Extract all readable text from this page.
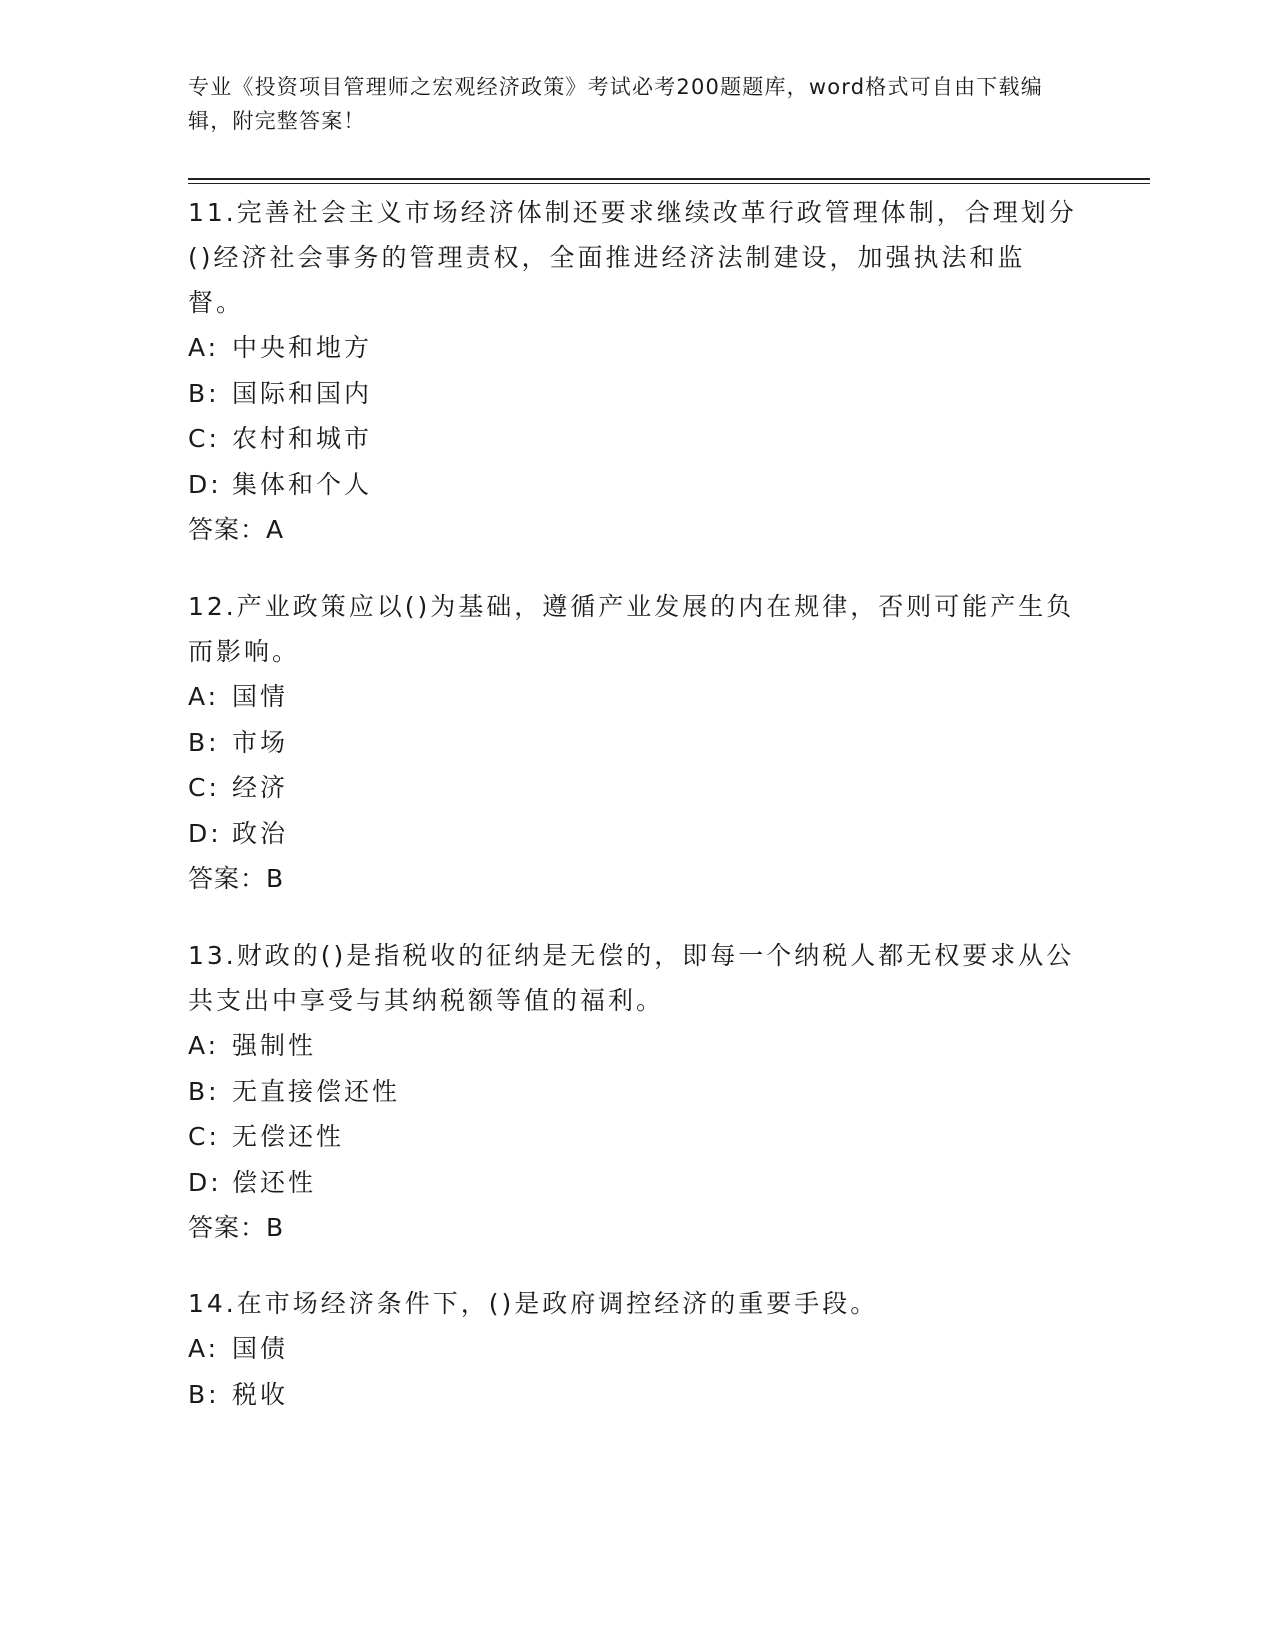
专业《投资项目管理师之宏观经济政策》考试必考200题题库，word格式可自由下载编辑，附完整答案！

11.完善社会主义市场经济体制还要求继续改革行政管理体制，合理划分()经济社会事务的管理责权，全面推进经济法制建设，加强执法和监督。

A: 中央和地方

B: 国际和国内

C: 农村和城市

D: 集体和个人

答案：A

12.产业政策应以()为基础，遵循产业发展的内在规律，否则可能产生负而影响。

A: 国情

B: 市场

C: 经济

D: 政治

答案：B

13.财政的()是指税收的征纳是无偿的，即每一个纳税人都无权要求从公共支出中享受与其纳税额等值的福利。

A: 强制性

B: 无直接偿还性

C: 无偿还性

D: 偿还性

答案：B

14.在市场经济条件下，()是政府调控经济的重要手段。

A: 国债

B: 税收
